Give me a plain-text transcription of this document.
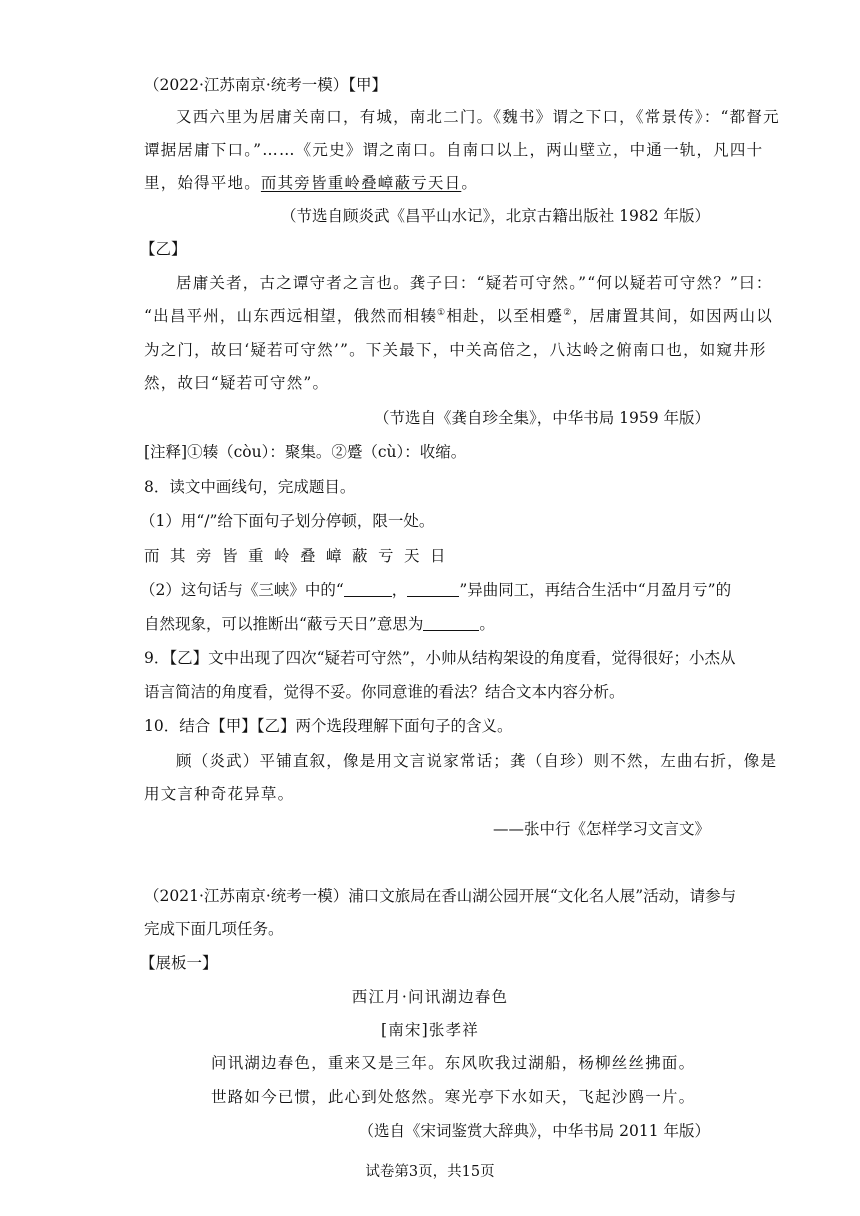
（2022·江苏南京·统考一模）【甲】
又西六里为居庸关南口，有城，南北二门。《魏书》谓之下口，《常景传》：“都督元
谭据居庸下口。”……《元史》谓之南口。自南口以上，两山壁立，中通一轨，凡四十
里，始得平地。而其旁皆重岭叠嶂蔽亏天日。
（节选自顾炎武《昌平山水记》，北京古籍出版社 1982 年版）
【乙】
居庸关者，古之谭守者之言也。龚子曰：“疑若可守然。”“何以疑若可守然？”曰：
“出昌平州，山东西远相望，俄然而相辏①相赴，以至相蹙②，居庸置其间，如因两山以
为之门，故曰‘疑若可守然’”。下关最下，中关高倍之，八达岭之俯南口也，如窥井形
然，故曰“疑若可守然”。
（节选自《龚自珍全集》，中华书局 1959 年版）
[注释]①辏（còu）：聚集。②蹙（cù）：收缩。
8．读文中画线句，完成题目。
（1）用“/”给下面句子划分停顿，限一处。
而其旁皆重岭叠嶂蔽亏天日
（2）这句话与《三峡》中的“	，	”异曲同工，再结合生活中“月盈月亏”的
自然现象，可以推断出“蔽亏天日”意思为	。
9．【乙】文中出现了四次“疑若可守然”，小帅从结构架设的角度看，觉得很好；小杰从
语言简洁的角度看，觉得不妥。你同意谁的看法？结合文本内容分析。
10．结合【甲】【乙】两个选段理解下面句子的含义。
顾（炎武）平铺直叙，像是用文言说家常话；龚（自珍）则不然，左曲右折，像是
用文言种奇花异草。
——张中行《怎样学习文言文》
（2021·江苏南京·统考一模）浦口文旅局在香山湖公园开展“文化名人展”活动，请参与
完成下面几项任务。
【展板一】
西江月·问讯湖边春色
[南宋]张孝祥
问讯湖边春色，重来又是三年。东风吹我过湖船，杨柳丝丝拂面。
世路如今已惯，此心到处悠然。寒光亭下水如天，飞起沙鸥一片。
（选自《宋词鉴赏大辞典》，中华书局 2011 年版）
试卷第3页，共15页
